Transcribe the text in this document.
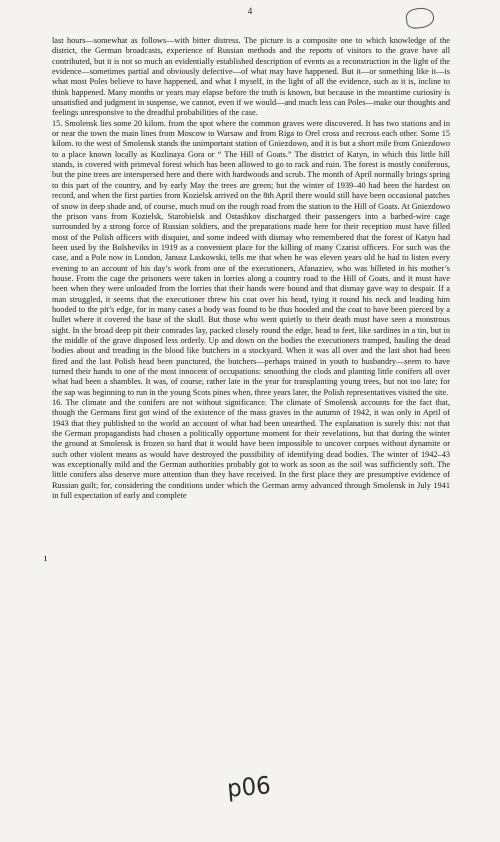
4

last hours—somewhat as follows—with bitter distress. The picture is a composite one to which knowledge of the district, the German broadcasts, experience of Russian methods and the reports of visitors to the grave have all contributed, but it is not so much an evidentially established description of events as a reconstruction in the light of the evidence—sometimes partial and obviously defective—of what may have happened. But it—or something like it—is what most Poles believe to have happened, and what I myself, in the light of all the evidence, such as it is, incline to think happened. Many months or years may elapse before the truth is known, but because in the meantime curiosity is unsatisfied and judgment in suspense, we cannot, even if we would—and much less can Poles—make our thoughts and feelings unresponsive to the dreadful probabilities of the case.

15. Smolensk lies some 20 kilom. from the spot where the common graves were discovered. It has two stations and in or near the town the main lines from Moscow to Warsaw and from Riga to Orel cross and recross each other. Some 15 kilom. to the west of Smolensk stands the unimportant station of Gniezdowo, and it is but a short mile from Gniezdowo to a place known locally as Kozlinaya Gora or “ The Hill of Goats.” The district of Katyn, in which this little hill stands, is covered with primeval forest which has been allowed to go to rack and ruin. The forest is mostly coniferous, but the pine trees are interspersed here and there with hardwoods and scrub. The month of April normally brings spring to this part of the country, and by early May the trees are green; but the winter of 1939–40 had been the hardest on record, and when the first parties from Kozielsk arrived on the 8th April there would still have been occasional patches of snow in deep shade and, of course, much mud on the rough road from the station to the Hill of Goats. At Gniezdowo the prison vans from Kozielsk, Starobielsk and Ostashkov discharged their passengers into a barbed-wire cage surrounded by a strong force of Russian soldiers, and the preparations made here for their reception must have filled most of the Polish officers with disquiet, and some indeed with dismay who remembered that the forest of Katyn had been used by the Bolsheviks in 1919 as a convenient place for the killing of many Czarist officers. For such was the case, and a Pole now in London, Janusz Laskowski, tells me that when he was eleven years old he had to listen every evening to an account of his day’s work from one of the executioners, Afanaziev, who was billeted in his mother’s house. From the cage the prisoners were taken in lorries along a country road to the Hill of Goats, and it must have been when they were unloaded from the lorries that their hands were bound and that dismay gave way to despair. If a man struggled, it seems that the executioner threw his coat over his head, tying it round his neck and leading him hooded to the pit’s edge, for in many cases a body was found to be thus hooded and the coat to have been pierced by a bullet where it covered the base of the skull. But those who went quietly to their death must have seen a monstrous sight. In the broad deep pit their comrades lay, packed closely round the edge, head to feet, like sardines in a tin, but in the middle of the grave disposed less orderly. Up and down on the bodies the executioners tramped, hauling the dead bodies about and treading in the blood like butchers in a stockyard. When it was all over and the last shot had been fired and the last Polish head been punctured, the butchers—perhaps trained in youth to husbandry—seem to have turned their hands to one of the most innocent of occupations: smoothing the clods and planting little conifers all over what had been a shambles. It was, of course, rather late in the year for transplanting young trees, but not too late; for the sap was beginning to run in the young Scots pines when, three years later, the Polish representatives visited the site.

16. The climate and the conifers are not without significance. The climate of Smolensk accounts for the fact that, though the Germans first got wind of the existence of the mass graves in the autumn of 1942, it was only in April of 1943 that they published to the world an account of what had been unearthed. The explanation is surely this: not that the German propagandists had chosen a politically opportune moment for their revelations, but that during the winter the ground at Smolensk is frozen so hard that it would have been impossible to uncover corpses without dynamite or such other violent means as would have destroyed the possibility of identifying dead bodies. The winter of 1942–43 was exceptionally mild and the German authorities probably got to work as soon as the soil was sufficiently soft. The little conifers also deserve more attention than they have received. In the first place they are presumptive evidence of Russian guilt; for, considering the conditions under which the German army advanced through Smolensk in July 1941 in full expectation of early and complete

ı
p06
